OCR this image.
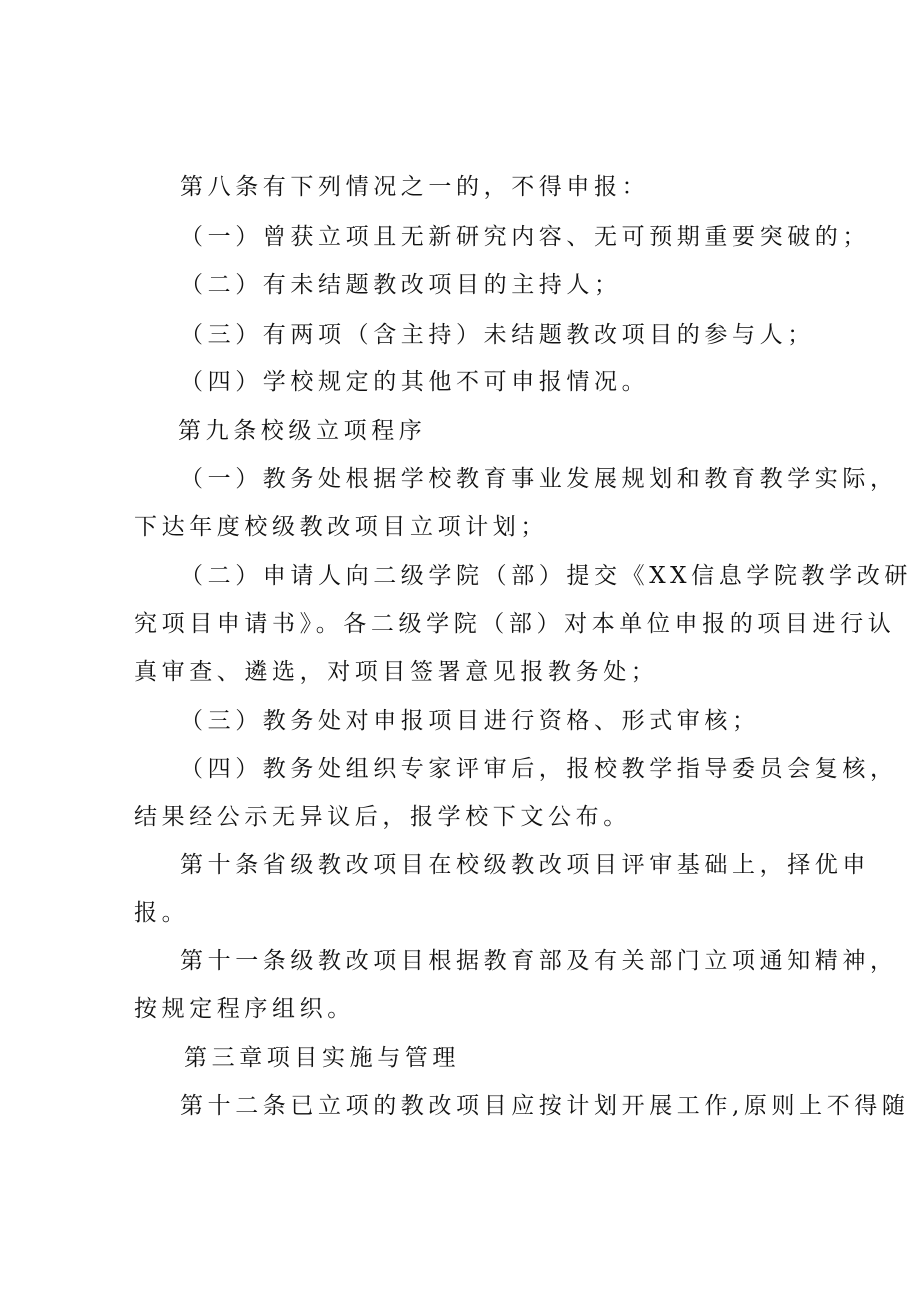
第八条有下列情况之一的，不得申报：

（一）曾获立项且无新研究内容、无可预期重要突破的；

（二）有未结题教改项目的主持人；

（三）有两项（含主持）未结题教改项目的参与人；

（四）学校规定的其他不可申报情况。

第九条校级立项程序

（一）教务处根据学校教育事业发展规划和教育教学实际，

下达年度校级教改项目立项计划；

（二）申请人向二级学院（部）提交《XX信息学院教学改研

究项目申请书》。各二级学院（部）对本单位申报的项目进行认

真审查、遴选，对项目签署意见报教务处；

（三）教务处对申报项目进行资格、形式审核；

（四）教务处组织专家评审后，报校教学指导委员会复核，

结果经公示无异议后，报学校下文公布。

第十条省级教改项目在校级教改项目评审基础上，择优申

报。

第十一条级教改项目根据教育部及有关部门立项通知精神，

按规定程序组织。

第三章项目实施与管理

第十二条已立项的教改项目应按计划开展工作,原则上不得随
